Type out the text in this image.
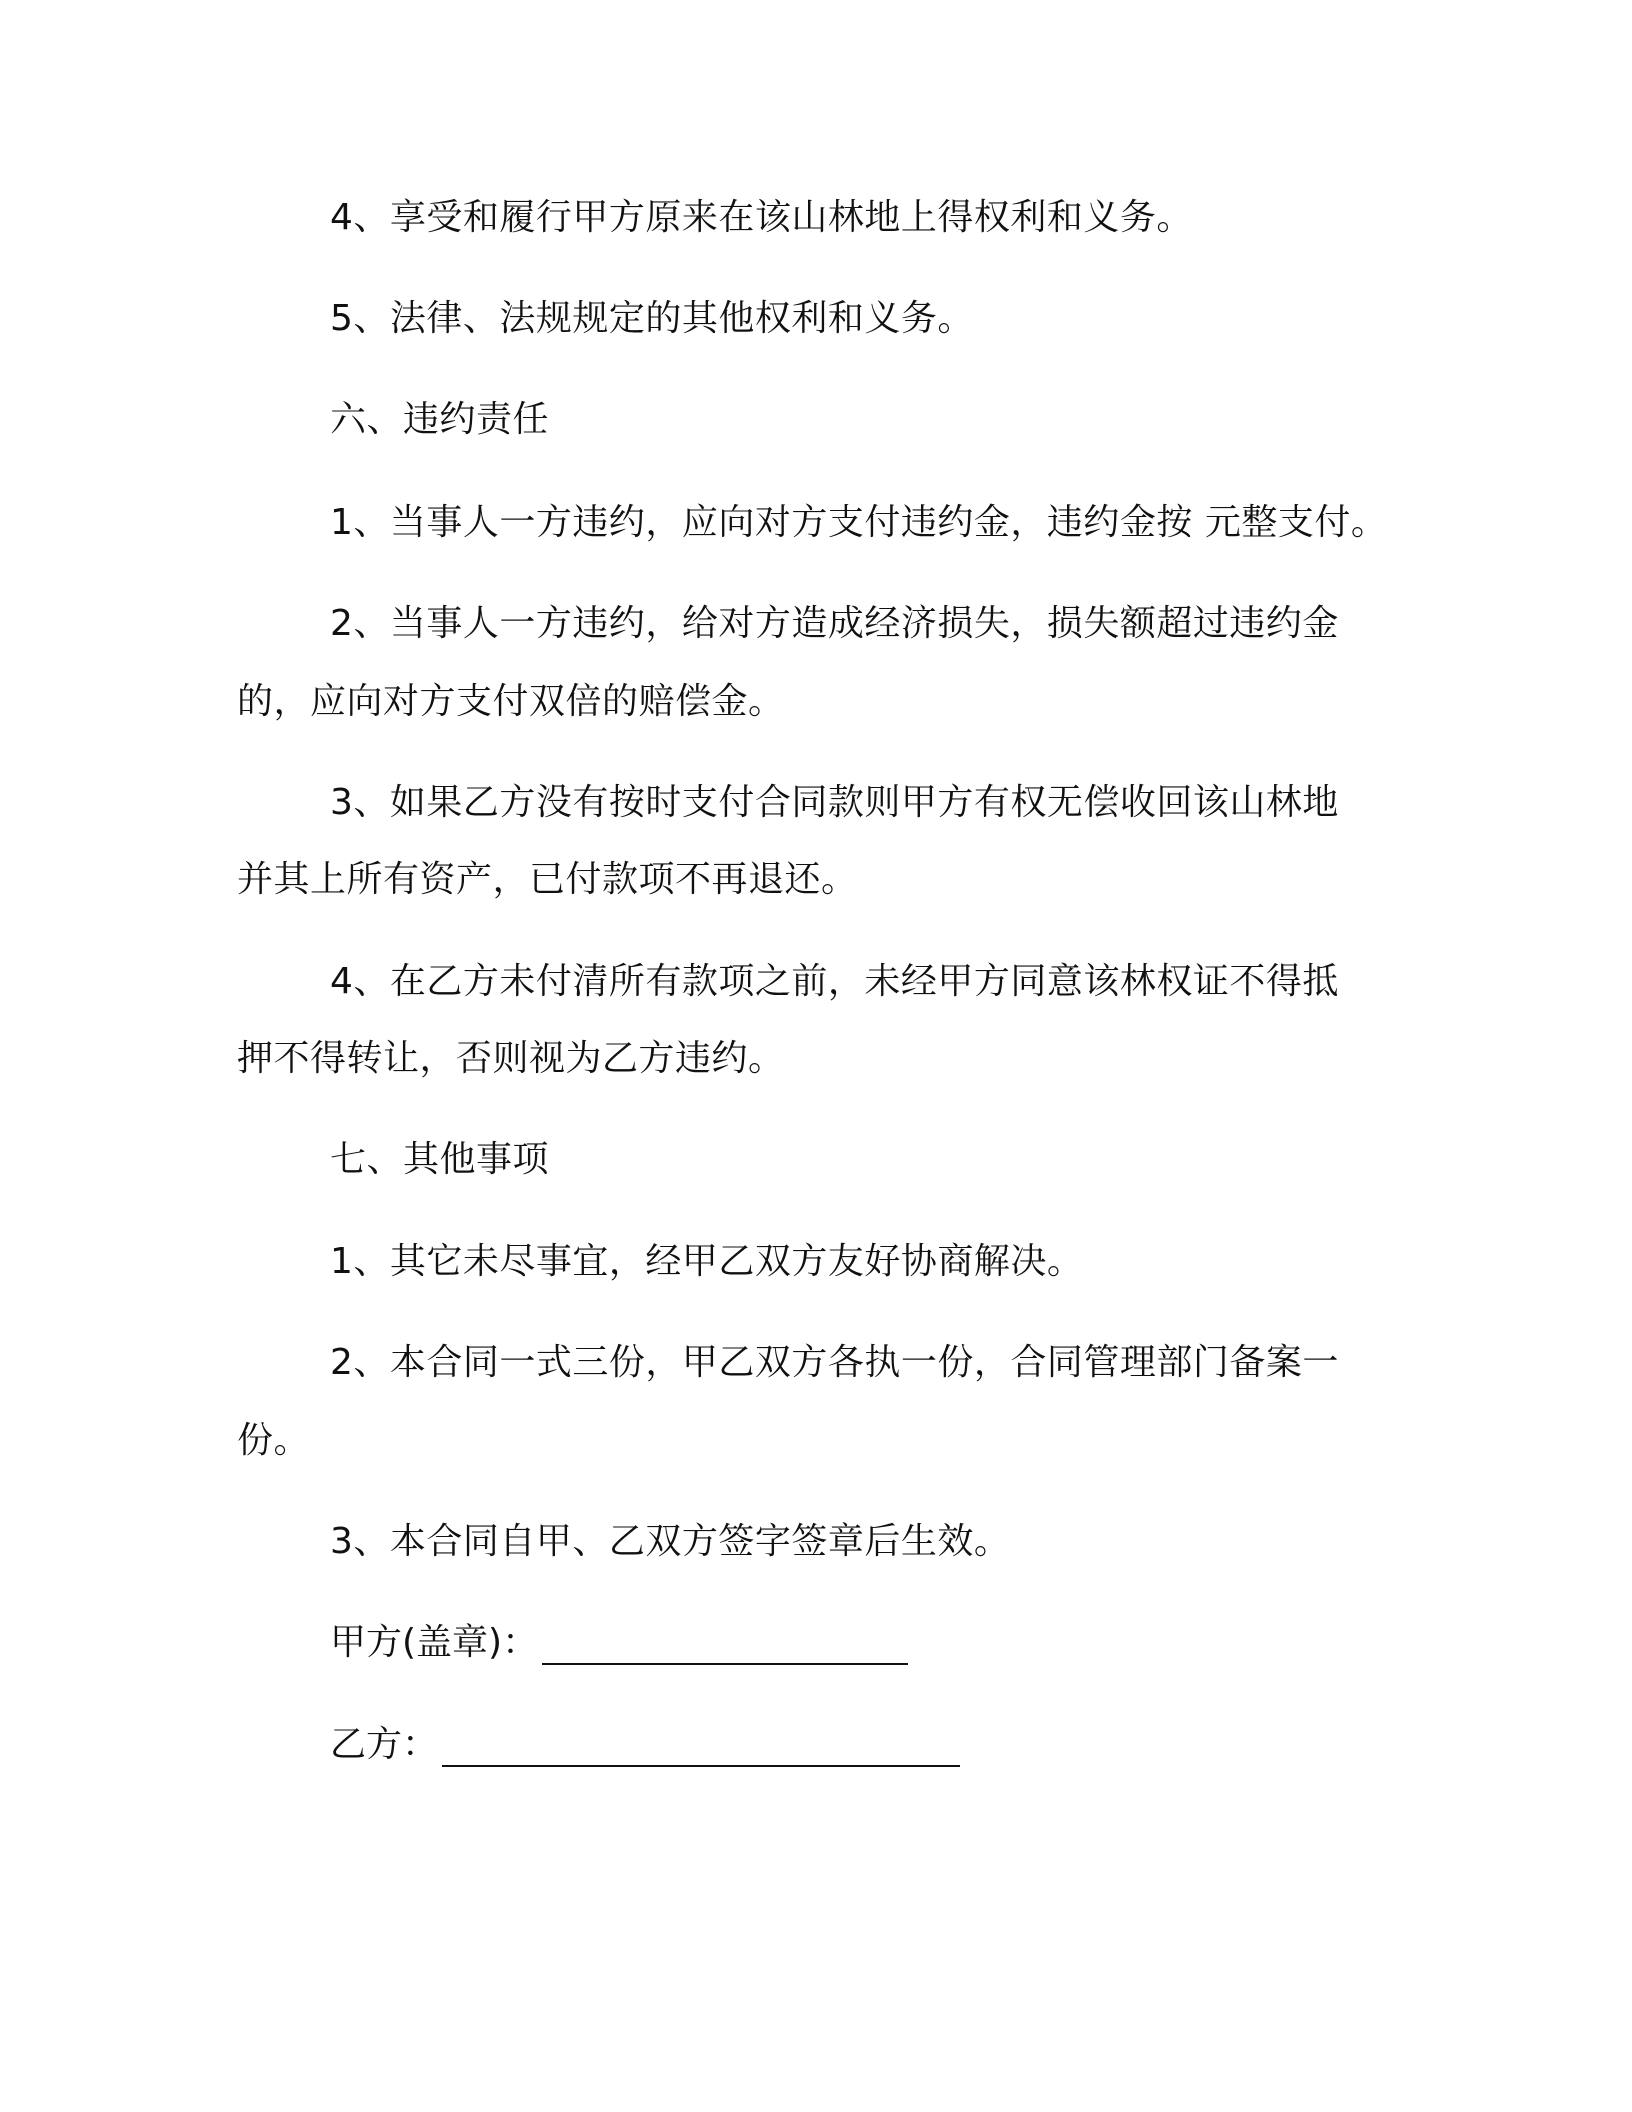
4、享受和履行甲方原来在该山林地上得权利和义务。

5、法律、法规规定的其他权利和义务。

六、违约责任

1、当事人一方违约，应向对方支付违约金，违约金按 元整支付。

2、当事人一方违约，给对方造成经济损失，损失额超过违约金

的，应向对方支付双倍的赔偿金。

3、如果乙方没有按时支付合同款则甲方有权无偿收回该山林地

并其上所有资产，已付款项不再退还。

4、在乙方未付清所有款项之前，未经甲方同意该林权证不得抵

押不得转让，否则视为乙方违约。

七、其他事项

1、其它未尽事宜，经甲乙双方友好协商解决。

2、本合同一式三份，甲乙双方各执一份，合同管理部门备案一

份。

3、本合同自甲、乙双方签字签章后生效。

甲方(盖章)：
乙方：
